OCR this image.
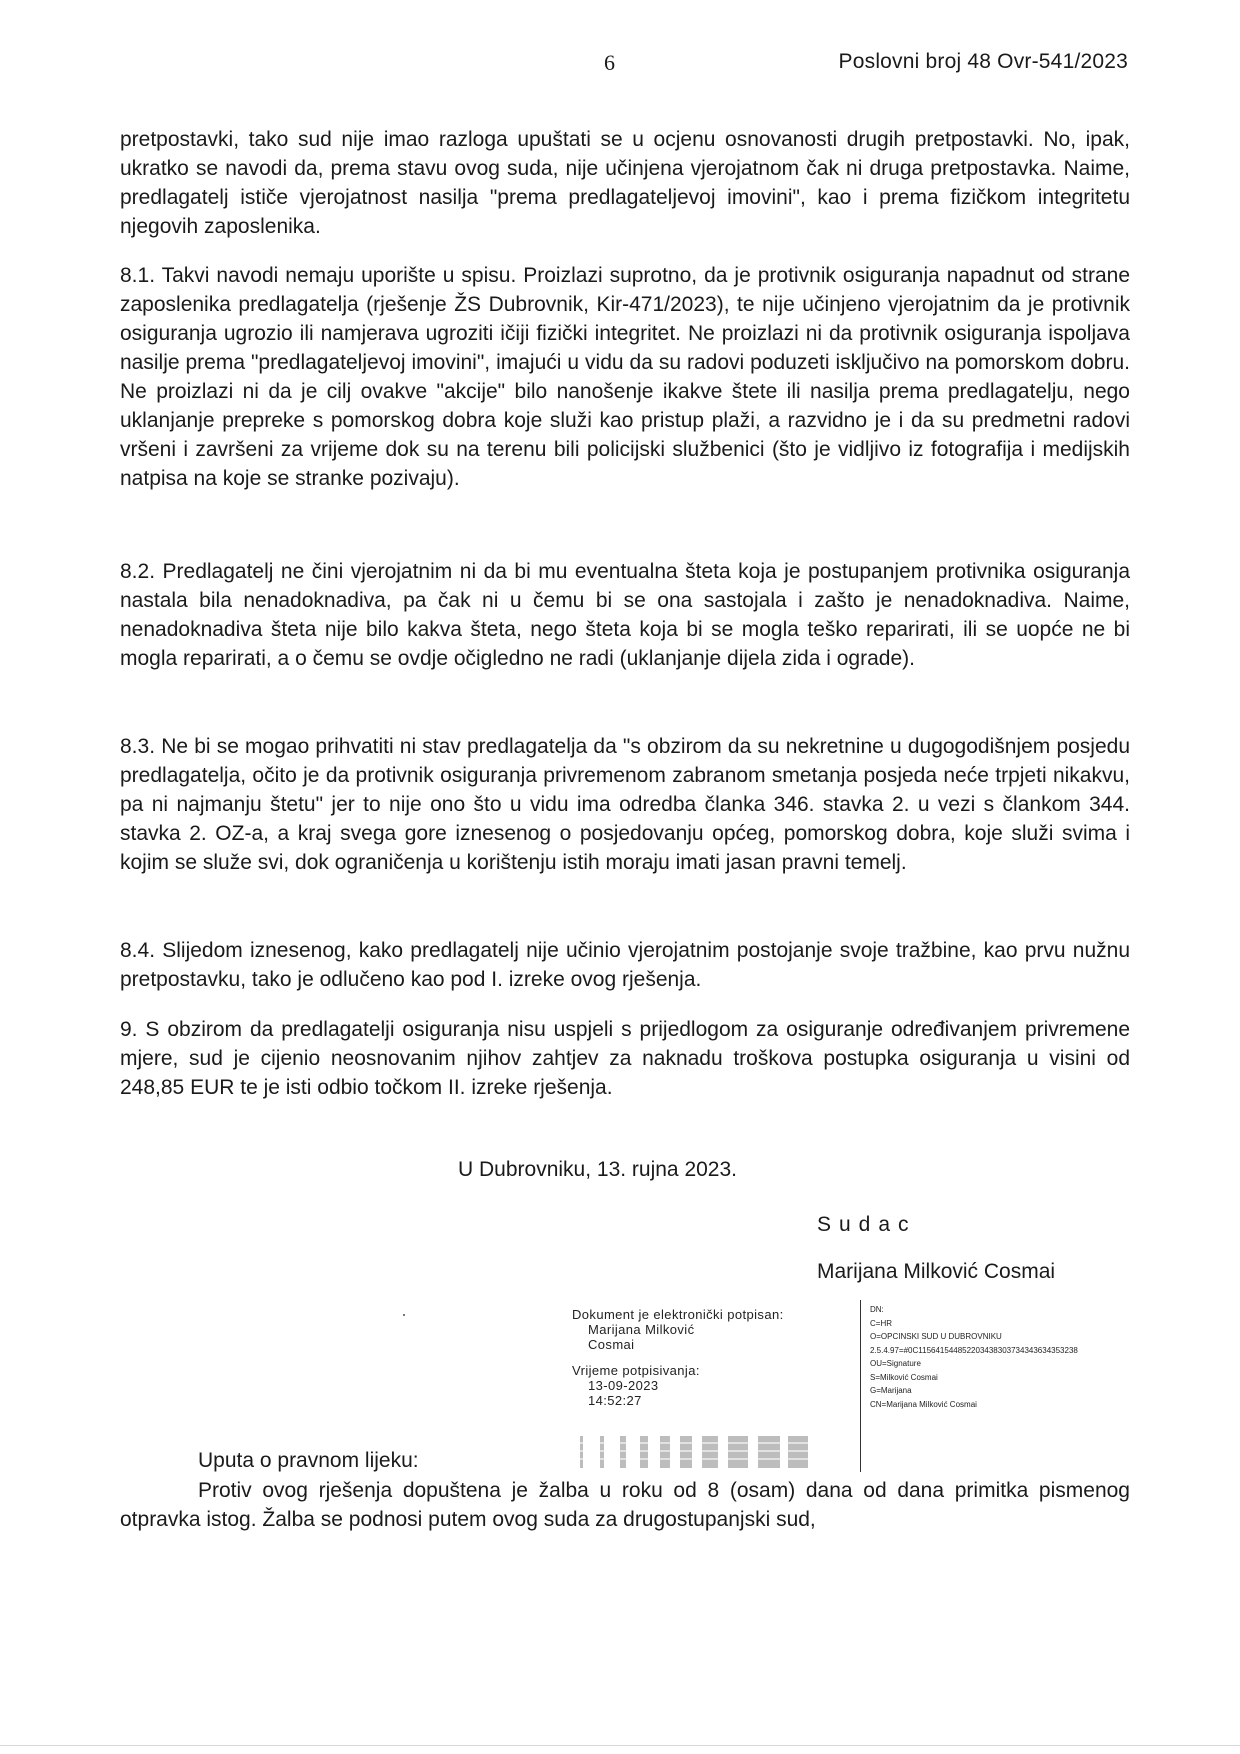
6	Poslovni broj 48 Ovr-541/2023

pretpostavki, tako sud nije imao razloga upuštati se u ocjenu osnovanosti drugih pretpostavki. No, ipak, ukratko se navodi da, prema stavu ovog suda, nije učinjena vjerojatnom čak ni druga pretpostavka. Naime, predlagatelj ističe vjerojatnost nasilja "prema predlagateljevoj imovini", kao i prema fizičkom integritetu njegovih zaposlenika.

8.1. Takvi navodi nemaju uporište u spisu. Proizlazi suprotno, da je protivnik osiguranja napadnut od strane zaposlenika predlagatelja (rješenje ŽS Dubrovnik, Kir-471/2023), te nije učinjeno vjerojatnim da je protivnik osiguranja ugrozio ili namjerava ugroziti ičiji fizički integritet. Ne proizlazi ni da protivnik osiguranja ispoljava nasilje prema "predlagateljevoj imovini", imajući u vidu da su radovi poduzeti isključivo na pomorskom dobru. Ne proizlazi ni da je cilj ovakve "akcije" bilo nanošenje ikakve štete ili nasilja prema predlagatelju, nego uklanjanje prepreke s pomorskog dobra koje služi kao pristup plaži, a razvidno je i da su predmetni radovi vršeni i završeni za vrijeme dok su na terenu bili policijski službenici (što je vidljivo iz fotografija i medijskih natpisa na koje se stranke pozivaju).

8.2. Predlagatelj ne čini vjerojatnim ni da bi mu eventualna šteta koja je postupanjem protivnika osiguranja nastala bila nenadoknadiva, pa čak ni u čemu bi se ona sastojala i zašto je nenadoknadiva. Naime, nenadoknadiva šteta nije bilo kakva šteta, nego šteta koja bi se mogla teško reparirati, ili se uopće ne bi mogla reparirati, a o čemu se ovdje očigledno ne radi (uklanjanje dijela zida i ograde).

8.3. Ne bi se mogao prihvatiti ni stav predlagatelja da "s obzirom da su nekretnine u dugogodišnjem posjedu predlagatelja, očito je da protivnik osiguranja privremenom zabranom smetanja posjeda neće trpjeti nikakvu, pa ni najmanju štetu" jer to nije ono što u vidu ima odredba članka 346. stavka 2. u vezi s člankom 344. stavka 2. OZ-a, a kraj svega gore iznesenog o posjedovanju općeg, pomorskog dobra, koje služi svima i kojim se služe svi, dok ograničenja u korištenju istih moraju imati jasan pravni temelj.

8.4. Slijedom iznesenog, kako predlagatelj nije učinio vjerojatnim postojanje svoje tražbine, kao prvu nužnu pretpostavku, tako je odlučeno kao pod I. izreke ovog rješenja.

9. S obzirom da predlagatelji osiguranja nisu uspjeli s prijedlogom za osiguranje određivanjem privremene mjere, sud je cijenio neosnovanim njihov zahtjev za naknadu troškova postupka osiguranja u visini od 248,85 EUR te je isti odbio točkom II. izreke rješenja.

U Dubrovniku, 13. rujna 2023.
Sudac
Marijana Milković Cosmai
Dokument je elektronički potpisan:
Marijana Milković
Cosmai
Vrijeme potpisivanja:
13-09-2023
14:52:27
DN:
C=HR
O=OPCINSKI SUD U DUBROVNIKU
2.5.4.97=#0C11564154485220343830373434363435323​8
OU=Signature
S=Milković Cosmai
G=Marijana
CN=Marijana Milković Cosmai
Uputa o pravnom lijeku:

Protiv ovog rješenja dopuštena je žalba u roku od 8 (osam) dana od dana primitka pismenog otpravka istog. Žalba se podnosi putem ovog suda za drugostupanjski sud,
